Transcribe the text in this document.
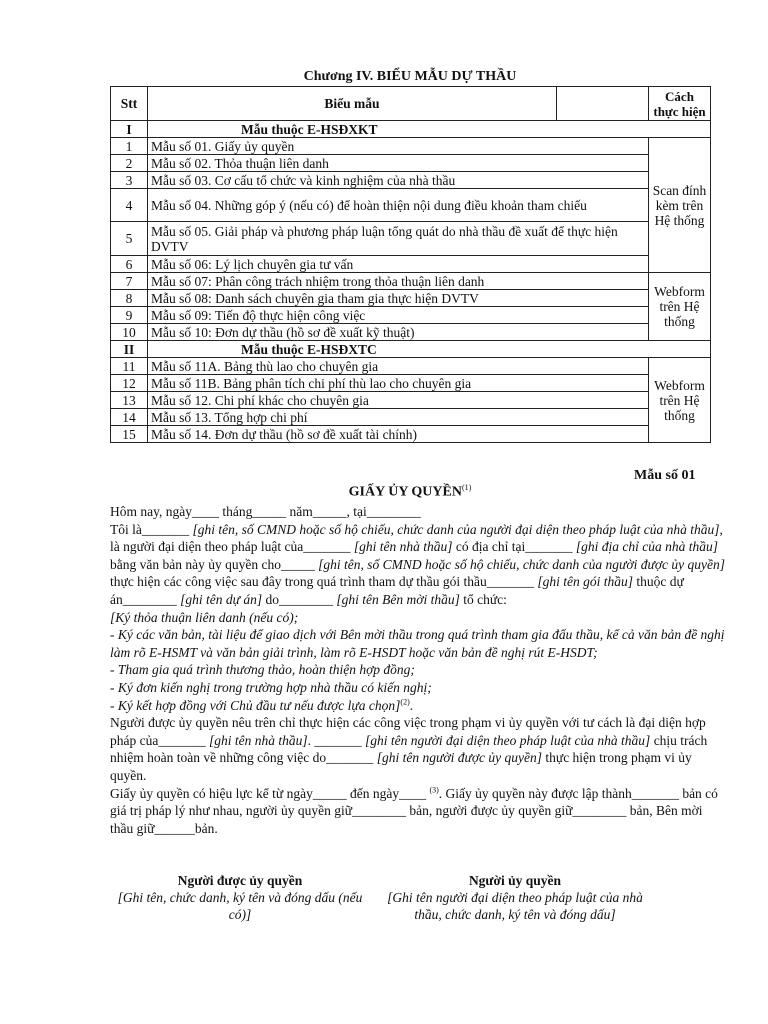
Chương IV. BIỂU MẪU DỰ THẦU
Stt	Biểu mẫu		Cách thực hiện
I	Mẫu thuộc E-HSĐXKT		
1	Mẫu số 01. Giấy ủy quyền		Scan đính kèm trên Hệ thống
2	Mẫu số 02. Thỏa thuận liên danh		
3	Mẫu số 03. Cơ cấu tổ chức và kinh nghiệm của nhà thầu		
4	Mẫu số 04. Những góp ý (nếu có) để hoàn thiện nội dung điều khoản tham chiếu		
5	Mẫu số 05. Giải pháp và phương pháp luận tổng quát do nhà thầu đề xuất để thực hiện DVTV		
6	Mẫu số 06: Lý lịch chuyên gia tư vấn		
7	Mẫu số 07: Phân công trách nhiệm trong thỏa thuận liên danh		Webform trên Hệ thống
8	Mẫu số 08: Danh sách chuyên gia tham gia thực hiện DVTV		
9	Mẫu số 09: Tiến độ thực hiện công việc		
10	Mẫu số 10: Đơn dự thầu (hồ sơ đề xuất kỹ thuật)		
II	Mẫu thuộc E-HSĐXTC		
11	Mẫu số 11A. Bảng thù lao cho chuyên gia		Webform trên Hệ thống
12	Mẫu số 11B. Bảng phân tích chi phí thù lao cho chuyên gia		
13	Mẫu số 12. Chi phí khác cho chuyên gia		
14	Mẫu số 13. Tổng hợp chi phí		
15	Mẫu số 14. Đơn dự thầu (hồ sơ đề xuất tài chính)		
Mẫu số 01
GIẤY ỦY QUYỀN$^{(1)}$

Hôm nay, ngày____ tháng_____ năm_____, tại________

Tôi là_______ [ghi tên, số CMND hoặc số hộ chiếu, chức danh của người đại diện theo pháp luật của nhà thầu], là người đại diện theo pháp luật của_______ [ghi tên nhà thầu] có địa chỉ tại_______ [ghi địa chỉ của nhà thầu] bằng văn bản này ủy quyền cho_____ [ghi tên, số CMND hoặc số hộ chiếu, chức danh của người được ủy quyền] thực hiện các công việc sau đây trong quá trình tham dự thầu gói thầu_______ [ghi tên gói thầu] thuộc dự án________ [ghi tên dự án] do________ [ghi tên Bên mời thầu] tổ chức:

[Ký thỏa thuận liên danh (nếu có);

- Ký các văn bản, tài liệu để giao dịch với Bên mời thầu trong quá trình tham gia đấu thầu, kể cả văn bản đề nghị làm rõ E-HSMT và văn bản giải trình, làm rõ E-HSDT hoặc văn bản đề nghị rút E-HSDT;

- Tham gia quá trình thương thảo, hoàn thiện hợp đồng;

- Ký đơn kiến nghị trong trường hợp nhà thầu có kiến nghị;

- Ký kết hợp đồng với Chủ đầu tư nếu được lựa chọn]$^{(2)}$.

Người được ủy quyền nêu trên chỉ thực hiện các công việc trong phạm vi ủy quyền với tư cách là đại diện hợp pháp của_______ [ghi tên nhà thầu]. _______ [ghi tên người đại diện theo pháp luật của nhà thầu] chịu trách nhiệm hoàn toàn về những công việc do_______ [ghi tên người được ủy quyền] thực hiện trong phạm vi ủy quyền.

Giấy ủy quyền có hiệu lực kể từ ngày_____ đến ngày____ $^{(3)}$. Giấy ủy quyền này được lập thành_______ bản có giá trị pháp lý như nhau, người ủy quyền giữ________ bản, người được ủy quyền giữ________ bản, Bên mời thầu giữ______bản.

Người được ủy quyền
[Ghi tên, chức danh, ký tên và đóng dấu (nếu có)]
Người ủy quyền
[Ghi tên người đại diện theo pháp luật của nhà thầu, chức danh, ký tên và đóng dấu]
